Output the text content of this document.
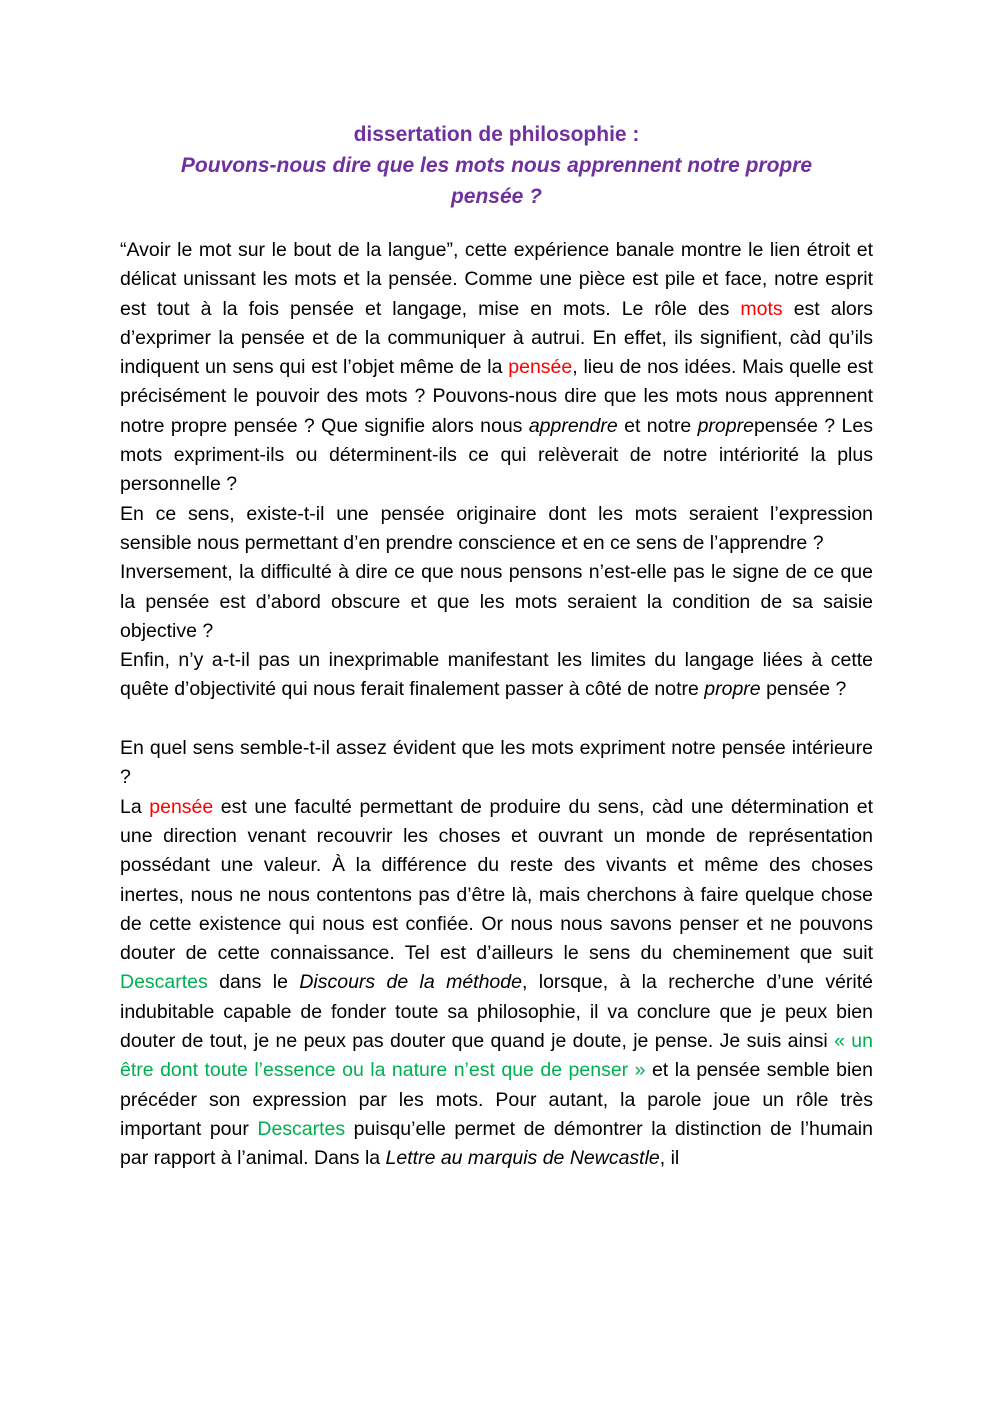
dissertation de philosophie :
Pouvons-nous dire que les mots nous apprennent notre propre
pensée ?

“Avoir le mot sur le bout de la langue”, cette expérience banale montre le lien étroit et délicat unissant les mots et la pensée. Comme une pièce est pile et face, notre esprit est tout à la fois pensée et langage, mise en mots. Le rôle des mots est alors d’exprimer la pensée et de la communiquer à autrui. En effet, ils signifient, càd qu’ils indiquent un sens qui est l’objet même de la pensée, lieu de nos idées. Mais quelle est précisément le pouvoir des mots ? Pouvons-nous dire que les mots nous apprennent notre propre pensée ? Que signifie alors nous apprendre et notre proprepensée ? Les mots expriment-ils ou déterminent-ils ce qui relèverait de notre intériorité la plus personnelle ?

En ce sens, existe-t-il une pensée originaire dont les mots seraient l’expression sensible nous permettant d’en prendre conscience et en ce sens de l’apprendre ?

Inversement, la difficulté à dire ce que nous pensons n’est-elle pas le signe de ce que la pensée est d’abord obscure et que les mots seraient la condition de sa saisie objective ?

Enfin, n’y a-t-il pas un inexprimable manifestant les limites du langage liées à cette quête d’objectivité qui nous ferait finalement passer à côté de notre propre pensée ?

En quel sens semble-t-il assez évident que les mots expriment notre pensée intérieure ?

La pensée est une faculté permettant de produire du sens, càd une détermination et une direction venant recouvrir les choses et ouvrant un monde de représentation possédant une valeur. À la différence du reste des vivants et même des choses inertes, nous ne nous contentons pas d’être là, mais cherchons à faire quelque chose de cette existence qui nous est confiée. Or nous nous savons penser et ne pouvons douter de cette connaissance. Tel est d’ailleurs le sens du cheminement que suit Descartes dans le Discours de la méthode, lorsque, à la recherche d’une vérité indubitable capable de fonder toute sa philosophie, il va conclure que je peux bien douter de tout, je ne peux pas douter que quand je doute, je pense. Je suis ainsi « un être dont toute l’essence ou la nature n’est que de penser » et la pensée semble bien précéder son expression par les mots. Pour autant, la parole joue un rôle très important pour Descartes puisqu’elle permet de démontrer la distinction de l’humain par rapport à l’animal. Dans la Lettre au marquis de Newcastle, il
